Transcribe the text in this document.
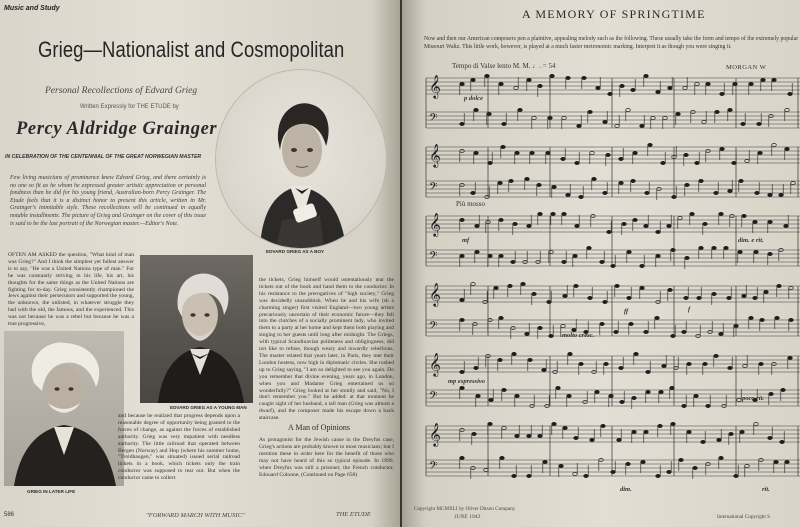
Music and Study
Grieg—Nationalist and Cosmopolitan
Personal Recollections of Edvard Grieg
Written Expressly for THE ETUDE by
Percy Aldridge Grainger
IN CELEBRATION OF THE CENTENNIAL OF THE GREAT NORWEGIAN MASTER
Few living musicians of prominence knew Edvard Grieg, and there certainly is no one so fit as he whom he expressed greater artistic appreciation or personal fondness than he did for his young friend, Australian-born Percy Grainger. The Etude feels that it is a distinct honor to present this article, written in Mr. Grainger's inimitable style. These recollections will be continued in equally notable installments. The picture of Grieg and Grainger on the cover of this issue is said to be the last portrait of the Norwegian master.—Editor's Note.
EDVARD GRIEG AS A BOY
EDVARD GRIEG AS A YOUNG MAN
GRIEG IN LATER LIFE
OFTEN AM ASKED the question, "What kind of man was Grieg?" And I think the simplest yet fullest answer is to say, "He was a United Nations type of man." For he was constantly striving in his life, his art, his thoughts for the same things as the United Nations are fighting for to-day. Grieg consistently championed the Jews against their persecutors and supported the young, the unknown, the unlisted, in whatever struggle they had with the old, the famous, and the experienced. This was not because he was a rebel but because he was a true progressive,
and because he realized that progress depends upon a reasonable degree of opportunity being granted to the forces of change, as against the forces of established authority. Grieg was very impatient with needless authority. The little railroad that operated between Bergen (Norway) and Hop (where his summer home, "Troldhaugen," was situated) issued serial railroad tickets in a book, which tickets only the train conductor was supposed to tear out. But when the conductor came to collect
the tickets, Grieg himself would ostentatiously tear the tickets out of the book and hand them to the conductor. In his resistance to the prerogatives of "high society," Grieg was decidedly unsnobbish. When he and his wife (sh a charming singer) first visited England—two young artists precariously uncertain of their economic future—they fell into the clutches of a socially prominent lady, who invited them to a party at her home and kept them both playing and singing to her guests until long after midnight. The Griegs, with typical Scandinavian politeness and obligingness, did not like to refuse, though weary and inwardly rebellious. The master related that years later, in Paris, they met their London hostess, now high in diplomatic circles. She rushed up to Grieg saying, "I am so delighted to see you again. Do you remember that divine evening, years ago, in London, when you and Madame Grieg entertained us so wonderfully?" Grieg looked at her stonily and said, "No, I don't remember you." But he added: at that moment he caught sight of her husband, a tall man (Grieg was almost a dwarf), and the composer made his escape down a back staircase.
A Man of Opinions
As protagonist for the Jewish cause in the Dreyfus case, Grieg's actions are probably known to most musicians; but I mention these in order here for the benefit of those who may not have heard of this so typical episode. In 1899, when Dreyfus was still a prisoner, the French conductor, Edouard Colonne, (Continued on Page 658)
586	"FORWARD MARCH WITH MUSIC"	THE ETUDE
A MEMORY OF SPRINGTIME
Now and then our American composers pen a plaintive, appealing melody such as the following. These usually take the form and tempo of the extremely popular Missouri Waltz. This little work, however, is played at a much faster metronomic marking. Interpret it as though you were singing it.
Tempo di Valse lento M. M. ♩. = 54	MORGAN W
𝄞
𝄢
𝄞
𝄢
𝄞
𝄢
𝄞
𝄢
𝄞
𝄢
𝄞
𝄢
p dolce
mf	dim. e rit.
molto cresc.
ff	f
mp espressivo
poco rit.
dim.	rit.
Più mosso
Copyright MCMXLI by Oliver Ditson Company
JUNE 1943	International Copyright S
